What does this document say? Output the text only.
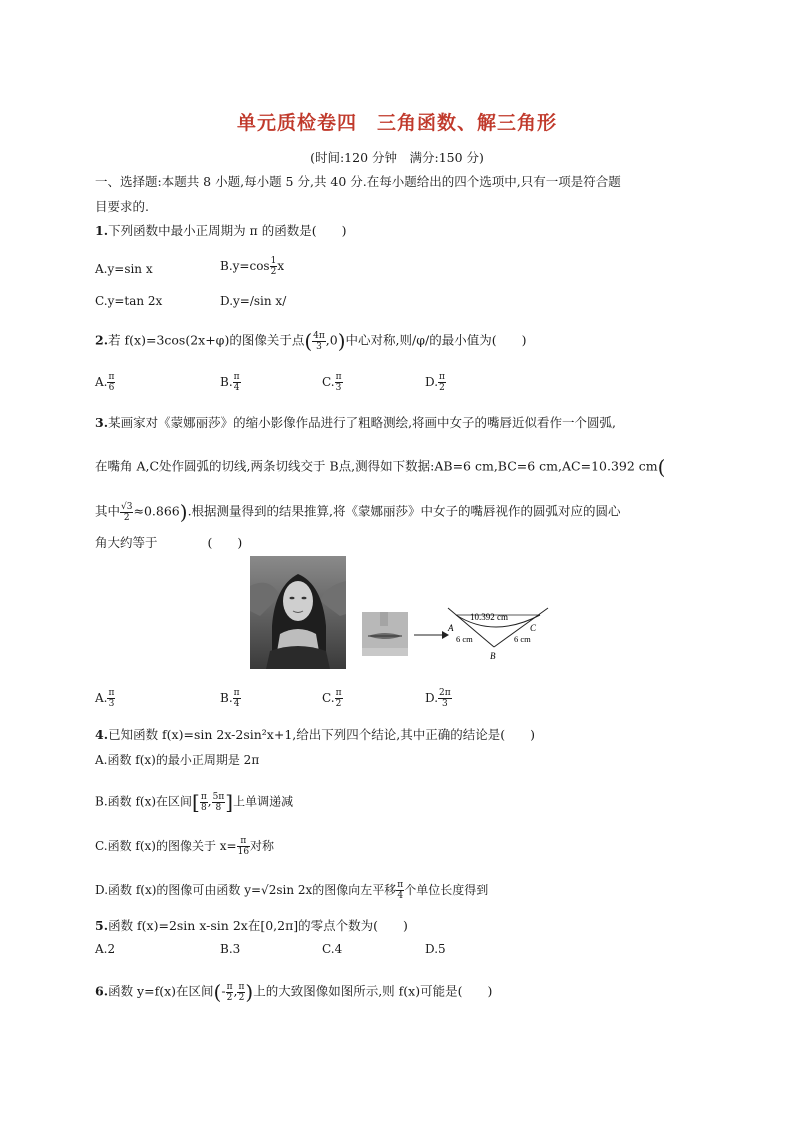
单元质检卷四　三角函数、解三角形
(时间:120 分钟　满分:150 分)
一、选择题:本题共 8 小题,每小题 5 分,共 40 分.在每小题给出的四个选项中,只有一项是符合题
目要求的.
1.下列函数中最小正周期为 π 的函数是(　　)
A.y=sin x	$B.y=\cos \frac{1}{2}$ x
C.y=tan 2x	D.y=/sin x/
2.若 f(x)=3cos(2x+φ)的图像关于点( $\frac{4\pi}{3} ,0$)中心对称,则/φ/的最小值为(　　)
A. $\frac{\pi}{6}$	B. $\frac{\pi}{4}$	C. $\frac{\pi}{3}$	D. $\frac{\pi}{2}$
3.某画家对《蒙娜丽莎》的缩小影像作品进行了粗略测绘,将画中女子的嘴唇近似看作一个圆弧,
在嘴角 A,C处作圆弧的切线,两条切线交于 B点,测得如下数据:AB=6 cm,BC=6 cm,AC=10.392 cm(
其中 $\frac{√3}{2} \approx 0.866$).根据测量得到的结果推算,将《蒙娜丽莎》中女子的嘴唇视作的圆弧对应的圆心
角大约等于　　　　(　　)
10.392 cm
A	C
6 cm	6 cm
B
A. $\frac{\pi}{3}$	B. $\frac{\pi}{4}$	C. $\frac{\pi}{2}$	D. $\frac{2\pi}{3}$
4.已知函数 f(x)=sin 2x-2sin²x+1,给出下列四个结论,其中正确的结论是(　　)
A.函数 f(x)的最小正周期是 2π
B.函数 f(x)在区间[ $\frac{\pi}{8}$ , $\frac{5\pi}{8}$ ]上单调递减
C.函数 f(x)的图像关于 $x= \frac{\pi}{16}$ 对称
D.函数 f(x)的图像可由函数 y=√2sin 2x的图像向左平移 $\frac{\pi}{4}$ 个单位长度得到
5.函数 f(x)=2sin x-sin 2x在[0,2π]的零点个数为(　　)
A.2	B.3	C.4	D.5
6.函数 y=f(x)在区间(- $\frac{\pi}{2}$ , $\frac{\pi}{2}$ )上的大致图像如图所示,则 f(x)可能是(　　)
